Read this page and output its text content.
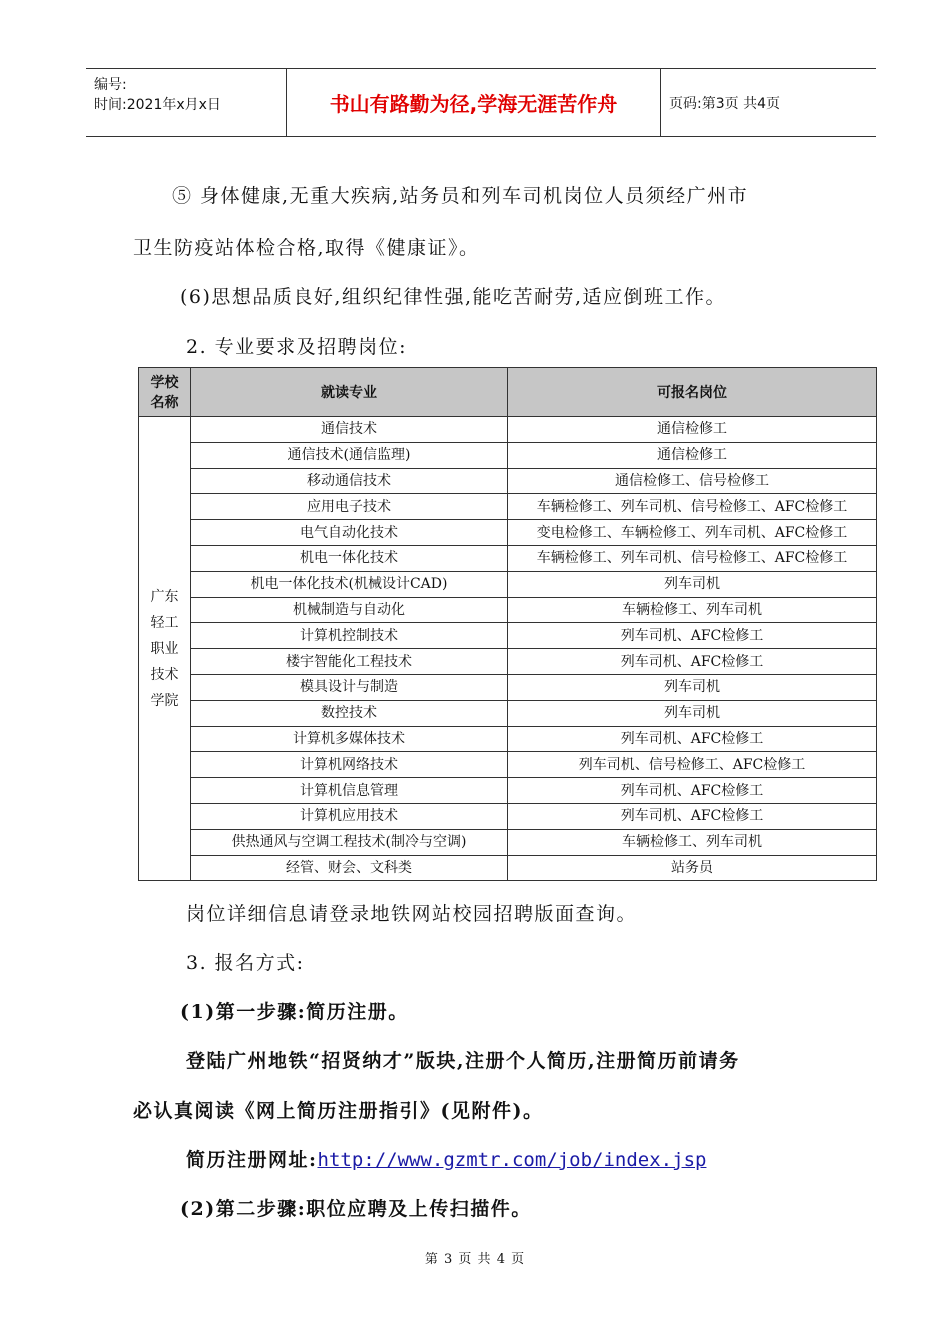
编号:
时间:2021年x月x日	书山有路勤为径,学海无涯苦作舟	页码:第3页 共4页
⑤ 身体健康,无重大疾病,站务员和列车司机岗位人员须经广州市
卫生防疫站体检合格,取得《健康证》。
(6)思想品质良好,组织纪律性强,能吃苦耐劳,适应倒班工作。
2. 专业要求及招聘岗位:
学校
名称	就读专业	可报名岗位

广东
轻工
职业
技术
学院	通信技术	通信检修工
	通信技术(通信监理)	通信检修工
	移动通信技术	通信检修工、信号检修工
	应用电子技术	车辆检修工、列车司机、信号检修工、AFC检修工
	电气自动化技术	变电检修工、车辆检修工、列车司机、AFC检修工
	机电一体化技术	车辆检修工、列车司机、信号检修工、AFC检修工
	机电一体化技术(机械设计CAD)	列车司机
	机械制造与自动化	车辆检修工、列车司机
	计算机控制技术	列车司机、AFC检修工
	楼宇智能化工程技术	列车司机、AFC检修工
	模具设计与制造	列车司机
	数控技术	列车司机
	计算机多媒体技术	列车司机、AFC检修工
	计算机网络技术	列车司机、信号检修工、AFC检修工
	计算机信息管理	列车司机、AFC检修工
	计算机应用技术	列车司机、AFC检修工
	供热通风与空调工程技术(制冷与空调)	车辆检修工、列车司机
	经管、财会、文科类	站务员
岗位详细信息请登录地铁网站校园招聘版面查询。
3. 报名方式:
(1)第一步骤:简历注册。
登陆广州地铁“招贤纳才”版块,注册个人简历,注册简历前请务
必认真阅读《网上简历注册指引》(见附件)。
简历注册网址:http://www.gzmtr.com/job/index.jsp
(2)第二步骤:职位应聘及上传扫描件。
第 3 页 共 4 页
